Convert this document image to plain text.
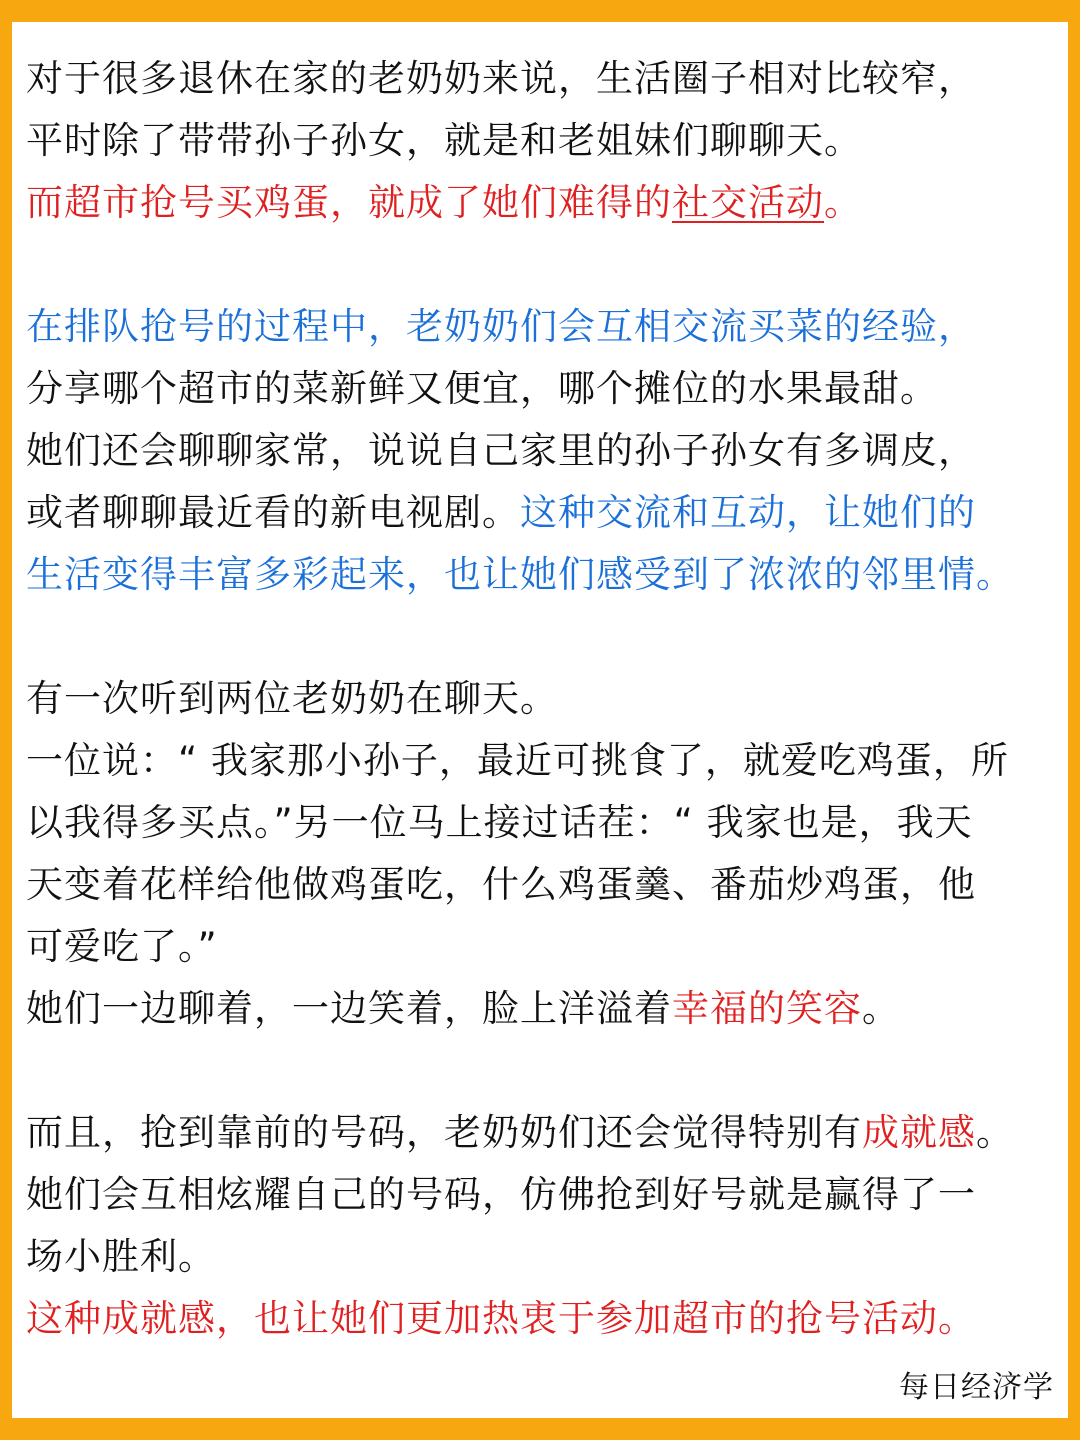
对于很多退休在家的老奶奶来说，生活圈子相对比较窄，
平时除了带带孙子孙女，就是和老姐妹们聊聊天。
而超市抢号买鸡蛋，就成了她们难得的社交活动。
在排队抢号的过程中，老奶奶们会互相交流买菜的经验，
分享哪个超市的菜新鲜又便宜，哪个摊位的水果最甜。
她们还会聊聊家常，说说自己家里的孙子孙女有多调皮，
或者聊聊最近看的新电视剧。这种交流和互动，让她们的
生活变得丰富多彩起来，也让她们感受到了浓浓的邻里情。
有一次听到两位老奶奶在聊天。
一位说：“ 我家那小孙子，最近可挑食了，就爱吃鸡蛋，所
以我得多买点。”另一位马上接过话茬：“ 我家也是，我天
天变着花样给他做鸡蛋吃，什么鸡蛋羹、番茄炒鸡蛋，他
可爱吃了。”
她们一边聊着，一边笑着，脸上洋溢着幸福的笑容。
而且，抢到靠前的号码，老奶奶们还会觉得特别有成就感。
她们会互相炫耀自己的号码，仿佛抢到好号就是赢得了一
场小胜利。
这种成就感，也让她们更加热衷于参加超市的抢号活动。
每日经济学
